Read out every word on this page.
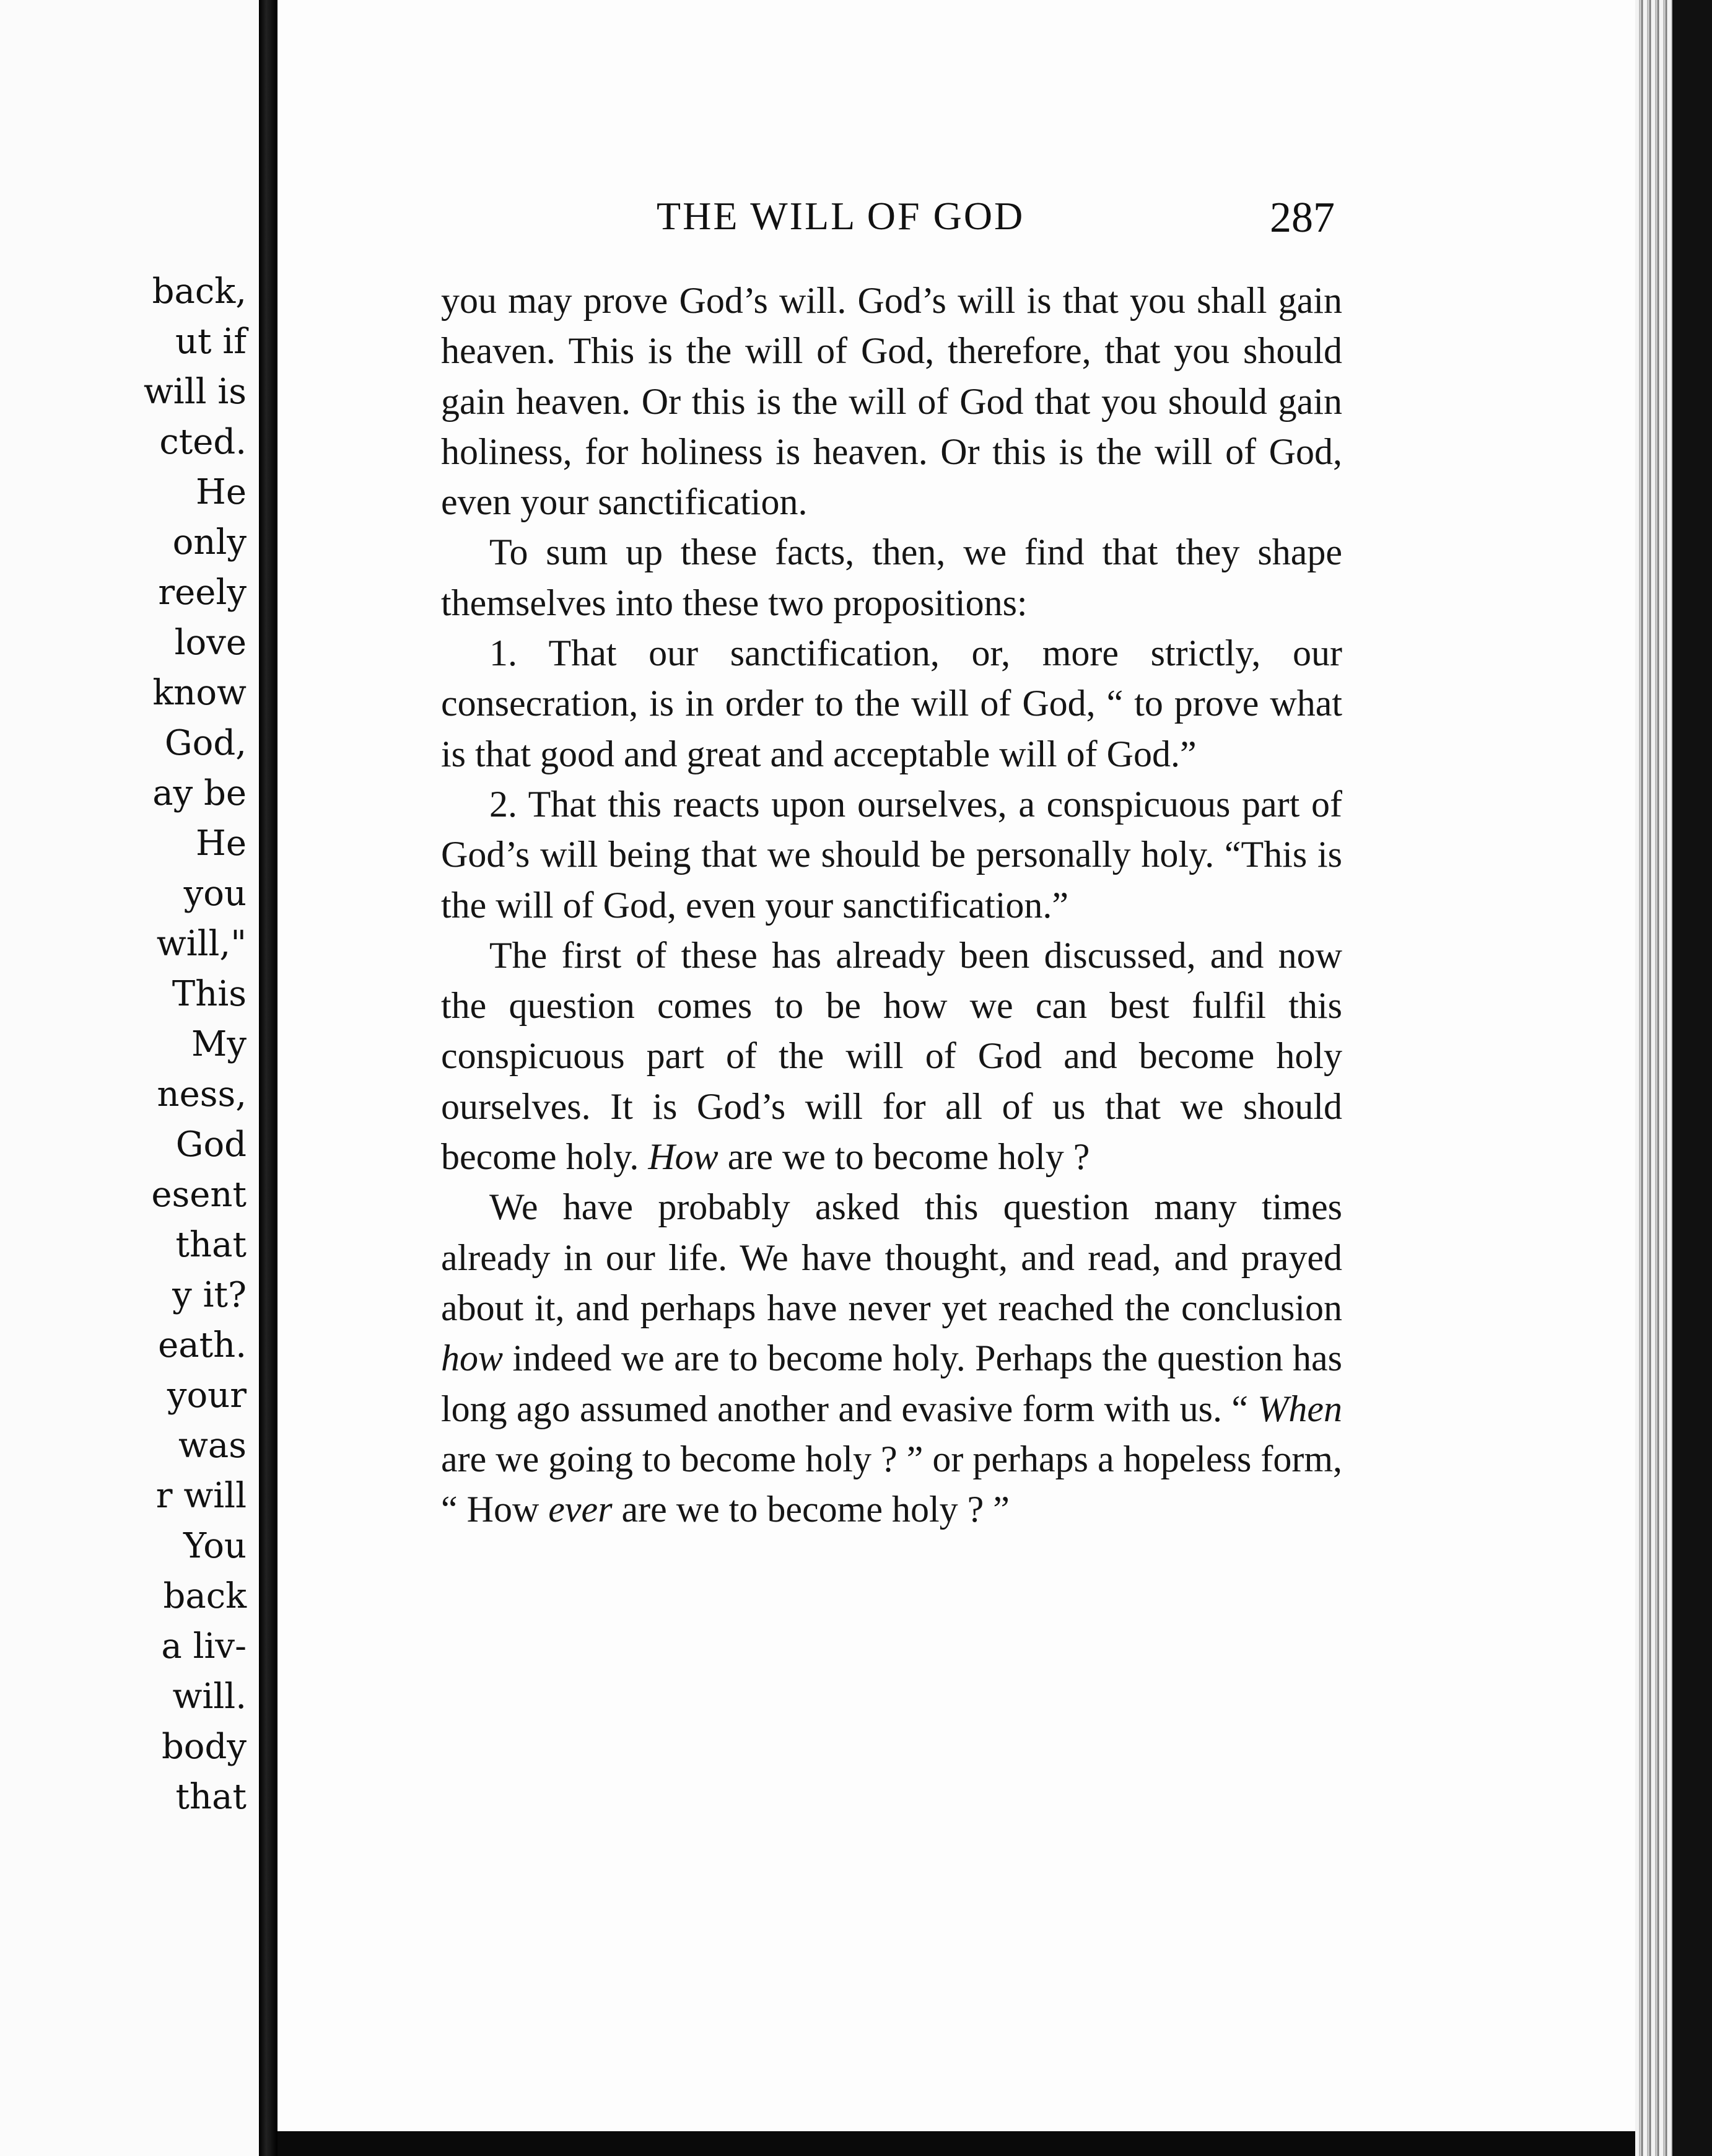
back,
ut if
will is
cted.
He
only
reely
love
know
God,
ay be
He
you
will,"
This
My
ness,
God
esent
that
y it?
eath.
your
was
r will
You
back
a liv-
will.
body
that
THE WILL OF GOD	287

you may prove God’s will. God’s will is that you shall gain heaven. This is the will of God, therefore, that you should gain heaven. Or this is the will of God that you should gain holiness, for holiness is heaven. Or this is the will of God, even your sanctification.

To sum up these facts, then, we find that they shape themselves into these two propositions:

1. That our sanctification, or, more strictly, our consecration, is in order to the will of God, “ to prove what is that good and great and acceptable will of God.”

2. That this reacts upon ourselves, a conspicuous part of God’s will being that we should be personally holy. “This is the will of God, even your sanctification.”

The first of these has already been discussed, and now the question comes to be how we can best fulfil this conspicuous part of the will of God and become holy ourselves. It is God’s will for all of us that we should become holy. How are we to become holy ?

We have probably asked this question many times already in our life. We have thought, and read, and prayed about it, and perhaps have never yet reached the conclusion how indeed we are to become holy. Perhaps the question has long ago assumed another and evasive form with us. “ When are we going to become holy ? ” or perhaps a hopeless form, “ How ever are we to become holy ? ”
